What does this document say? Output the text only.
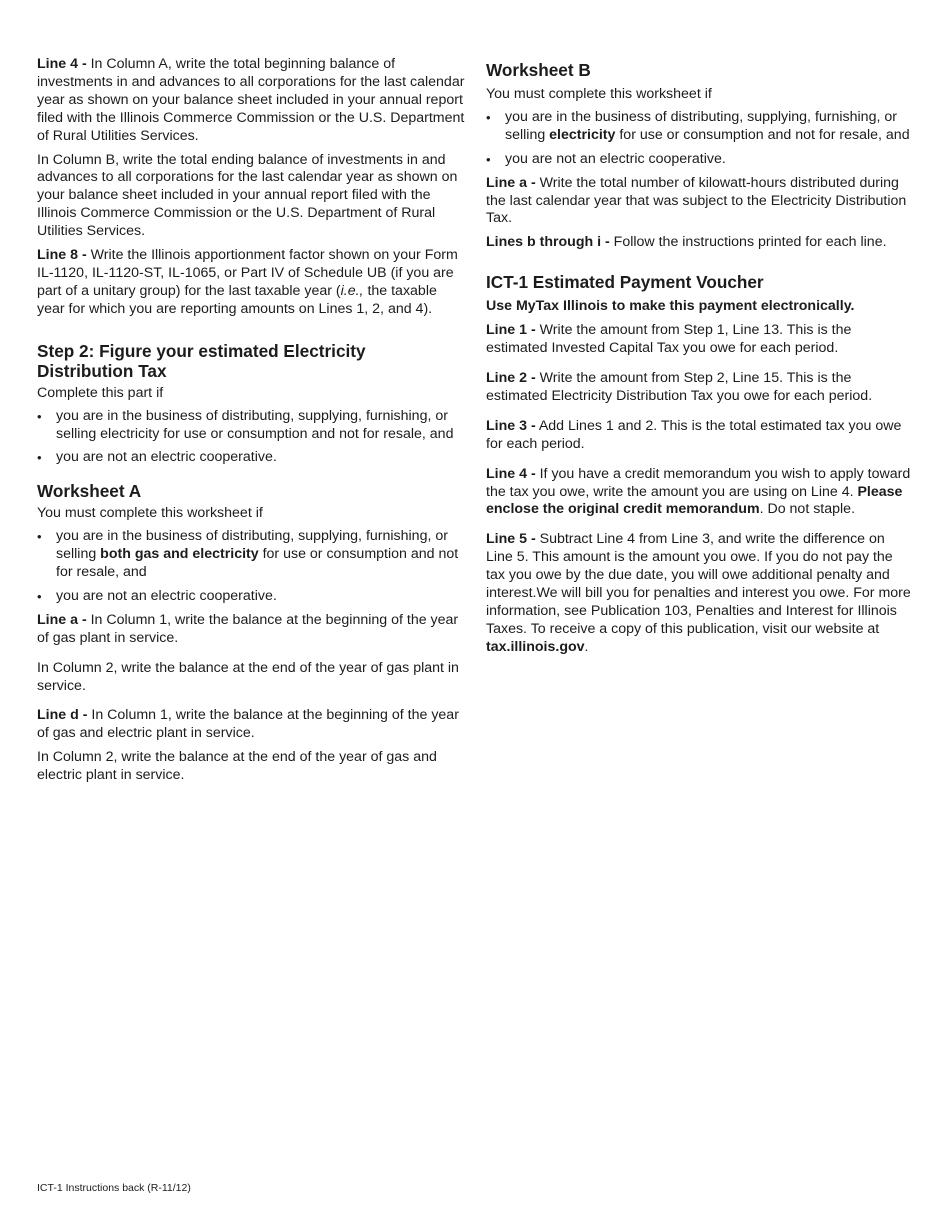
Line 4 - In Column A, write the total beginning balance of investments in and advances to all corporations for the last calendar year as shown on your balance sheet included in your annual report filed with the Illinois Commerce Commission or the U.S. Department of Rural Utilities Services.

In Column B, write the total ending balance of investments in and advances to all corporations for the last calendar year as shown on your balance sheet included in your annual report filed with the Illinois Commerce Commission or the U.S. Department of Rural Utilities Services.

Line 8 - Write the Illinois apportionment factor shown on your Form IL-1120, IL-1120-ST, IL-1065, or Part IV of Schedule UB (if you are part of a unitary group) for the last taxable year (i.e., the taxable year for which you are reporting amounts on Lines 1, 2, and 4).

Step 2: Figure your estimated Electricity
Distribution Tax

Complete this part if

• you are in the business of distributing, supplying, furnishing, or selling electricity for use or consumption and not for resale, and
• you are not an electric cooperative.
Worksheet A

You must complete this worksheet if

• you are in the business of distributing, supplying, furnishing, or selling both gas and electricity for use or consumption and not for resale, and
• you are not an electric cooperative.

Line a - In Column 1, write the balance at the beginning of the year of gas plant in service.

In Column 2, write the balance at the end of the year of gas plant in service.

Line d - In Column 1, write the balance at the beginning of the year of gas and electric plant in service.

In Column 2, write the balance at the end of the year of gas and electric plant in service.

Worksheet B

You must complete this worksheet if

• you are in the business of distributing, supplying, furnishing, or selling electricity for use or consumption and not for resale, and
• you are not an electric cooperative.

Line a - Write the total number of kilowatt-hours distributed during the last calendar year that was subject to the Electricity Distribution Tax.

Lines b through i - Follow the instructions printed for each line.

ICT-1 Estimated Payment Voucher

Use MyTax Illinois to make this payment electronically.

Line 1 - Write the amount from Step 1, Line 13. This is the estimated Invested Capital Tax you owe for each period.

Line 2 - Write the amount from Step 2, Line 15. This is the estimated Electricity Distribution Tax you owe for each period.

Line 3 - Add Lines 1 and 2. This is the total estimated tax you owe for each period.

Line 4 - If you have a credit memorandum you wish to apply toward the tax you owe, write the amount you are using on Line 4. Please enclose the original credit memorandum. Do not staple.

Line 5 - Subtract Line 4 from Line 3, and write the difference on Line 5. This amount is the amount you owe. If you do not pay the tax you owe by the due date, you will owe additional penalty and interest.We will bill you for penalties and interest you owe. For more information, see Publication 103, Penalties and Interest for Illinois Taxes. To receive a copy of this publication, visit our website at tax.illinois.gov.

ICT-1 Instructions back (R-11/12)
